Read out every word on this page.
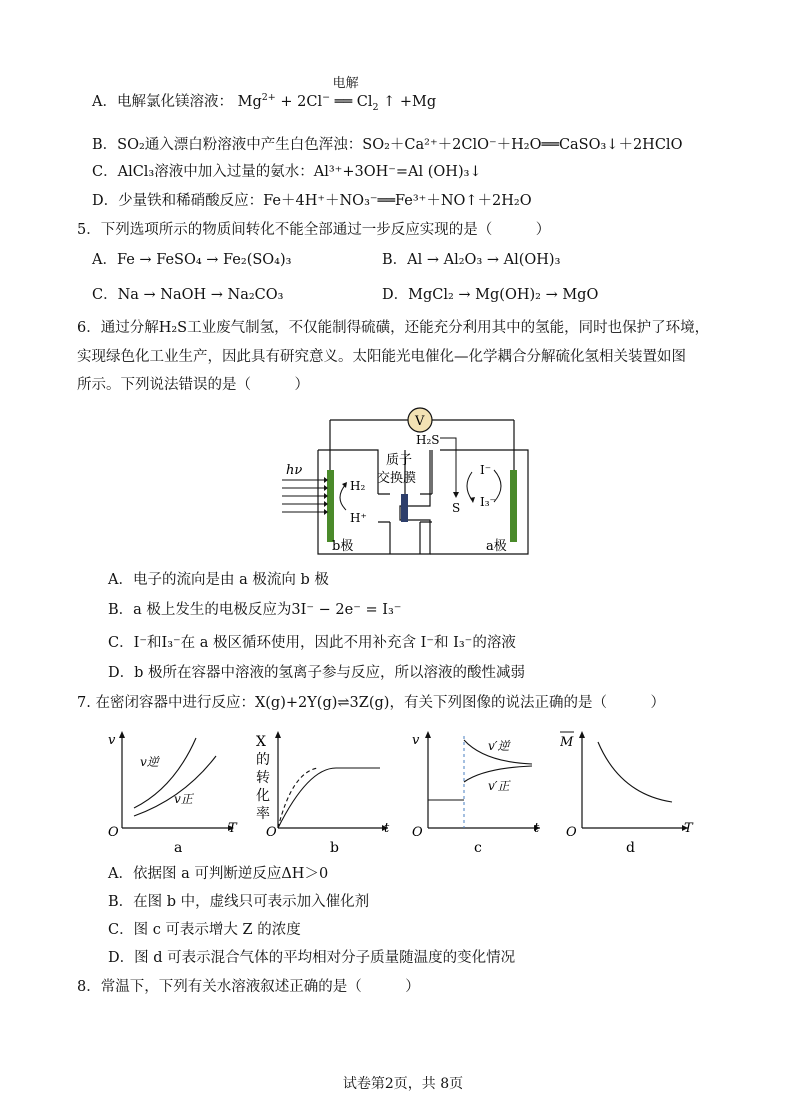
A．电解氯化镁溶液： $Mg^{2+} + 2Cl^-$
电解
══ $Cl_2$ ↑ +Mg
B．SO₂通入漂白粉溶液中产生白色浑浊：SO₂＋Ca²⁺＋2ClO⁻＋H₂O══CaSO₃↓＋2HClO
C．AlCl₃溶液中加入过量的氨水：Al³⁺+3OH⁻=Al (OH)₃↓
D．少量铁和稀硝酸反应：Fe＋4H⁺＋NO₃⁻══Fe³⁺＋NO↑＋2H₂O
5．下列选项所示的物质间转化不能全部通过一步反应实现的是（　　　）
A．Fe → FeSO₄ → Fe₂(SO₄)₃	B．Al → Al₂O₃ → Al(OH)₃
C．Na → NaOH → Na₂CO₃	D．MgCl₂ → Mg(OH)₂ → MgO
6．通过分解H₂S工业废气制氢，不仅能制得硫磺，还能充分利用其中的氢能，同时也保护了环境，
实现绿色化工业生产，因此具有研究意义。太阳能光电催化—化学耦合分解硫化氢相关装置如图
所示。下列说法错误的是（　　　）
V
质子
交换膜
hν
H₂
H⁺
H₂S
S
I⁻
I₃⁻
b极	a极
A．电子的流向是由 a 极流向 b 极
B．a 极上发生的电极反应为3I⁻ − 2e⁻ = I₃⁻
C．I⁻和I₃⁻在 a 极区循环使用，因此不用补充含 I⁻和 I₃⁻的溶液
D．b 极所在容器中溶液的氢离子参与反应，所以溶液的酸性减弱
7. 在密闭容器中进行反应：X(g)+2Y(g)⇌3Z(g)，有关下列图像的说法正确的是（　　　）
v
T
O
v逆
v正
a
X
的
转
化
率
t
O
b
v
t
O
v′逆
v′正
c
M
T
O
d
A．依据图 a 可判断逆反应ΔH＞0
B．在图 b 中，虚线只可表示加入催化剂
C．图 c 可表示增大 Z 的浓度
D．图 d 可表示混合气体的平均相对分子质量随温度的变化情况
8．常温下，下列有关水溶液叙述正确的是（　　　）
试卷第2页，共 8页
